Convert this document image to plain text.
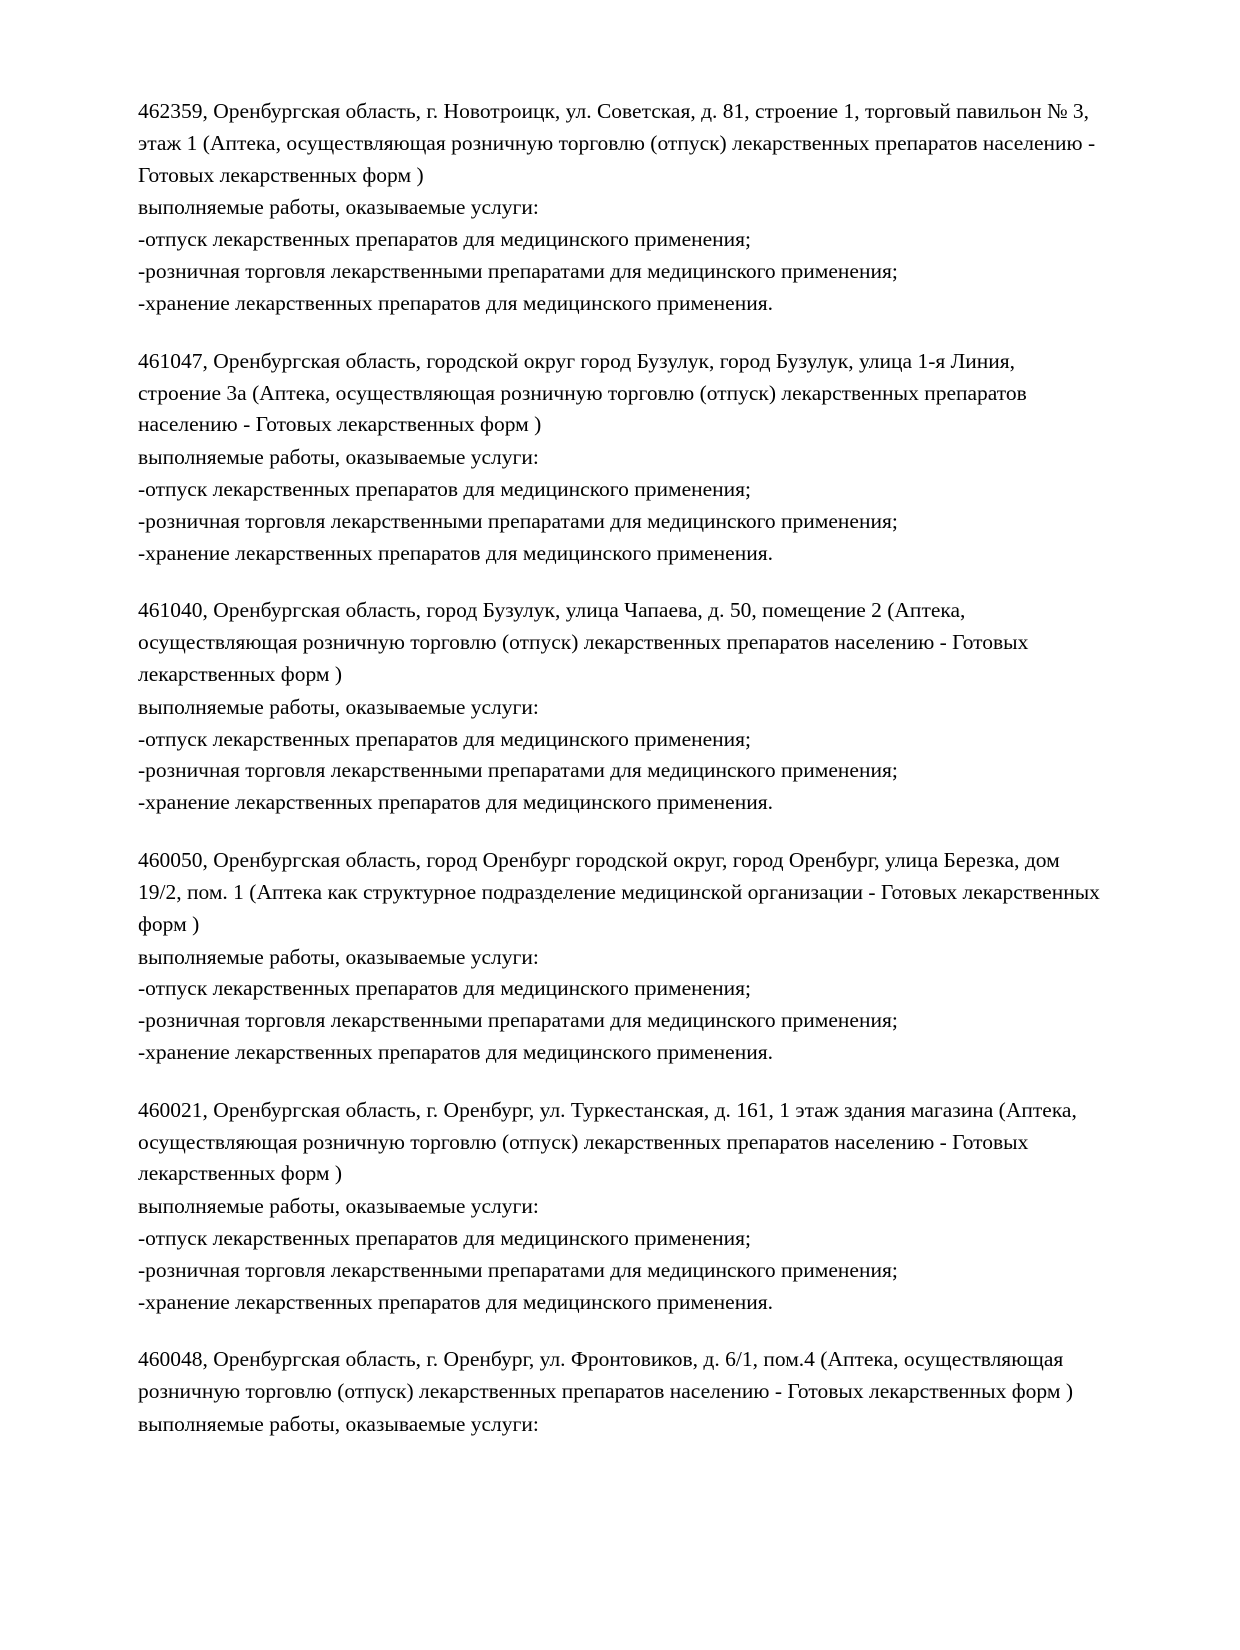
462359, Оренбургская область, г. Новотроицк, ул. Советская, д. 81, строение 1, торговый павильон № 3, этаж 1 (Аптека, осуществляющая розничную торговлю (отпуск) лекарственных препаратов населению - Готовых лекарственных форм )

выполняемые работы, оказываемые услуги:

-отпуск лекарственных препаратов для медицинского применения;

-розничная торговля лекарственными препаратами для медицинского применения;

-хранение лекарственных препаратов для медицинского применения.

461047, Оренбургская область, городской округ город Бузулук, город Бузулук, улица 1-я Линия, строение 3а (Аптека, осуществляющая розничную торговлю (отпуск) лекарственных препаратов населению - Готовых лекарственных форм )

выполняемые работы, оказываемые услуги:

-отпуск лекарственных препаратов для медицинского применения;

-розничная торговля лекарственными препаратами для медицинского применения;

-хранение лекарственных препаратов для медицинского применения.

461040, Оренбургская область, город Бузулук, улица Чапаева, д. 50, помещение 2 (Аптека, осуществляющая розничную торговлю (отпуск) лекарственных препаратов населению - Готовых лекарственных форм )

выполняемые работы, оказываемые услуги:

-отпуск лекарственных препаратов для медицинского применения;

-розничная торговля лекарственными препаратами для медицинского применения;

-хранение лекарственных препаратов для медицинского применения.

460050, Оренбургская область, город Оренбург городской округ, город Оренбург, улица Березка, дом 19/2, пом. 1 (Аптека как структурное подразделение медицинской организации - Готовых лекарственных форм )

выполняемые работы, оказываемые услуги:

-отпуск лекарственных препаратов для медицинского применения;

-розничная торговля лекарственными препаратами для медицинского применения;

-хранение лекарственных препаратов для медицинского применения.

460021, Оренбургская область, г. Оренбург, ул. Туркестанская, д. 161, 1 этаж здания магазина (Аптека, осуществляющая розничную торговлю (отпуск) лекарственных препаратов населению - Готовых лекарственных форм )

выполняемые работы, оказываемые услуги:

-отпуск лекарственных препаратов для медицинского применения;

-розничная торговля лекарственными препаратами для медицинского применения;

-хранение лекарственных препаратов для медицинского применения.

460048, Оренбургская область, г. Оренбург, ул. Фронтовиков, д. 6/1, пом.4 (Аптека, осуществляющая розничную торговлю (отпуск) лекарственных препаратов населению - Готовых лекарственных форм )

выполняемые работы, оказываемые услуги:
